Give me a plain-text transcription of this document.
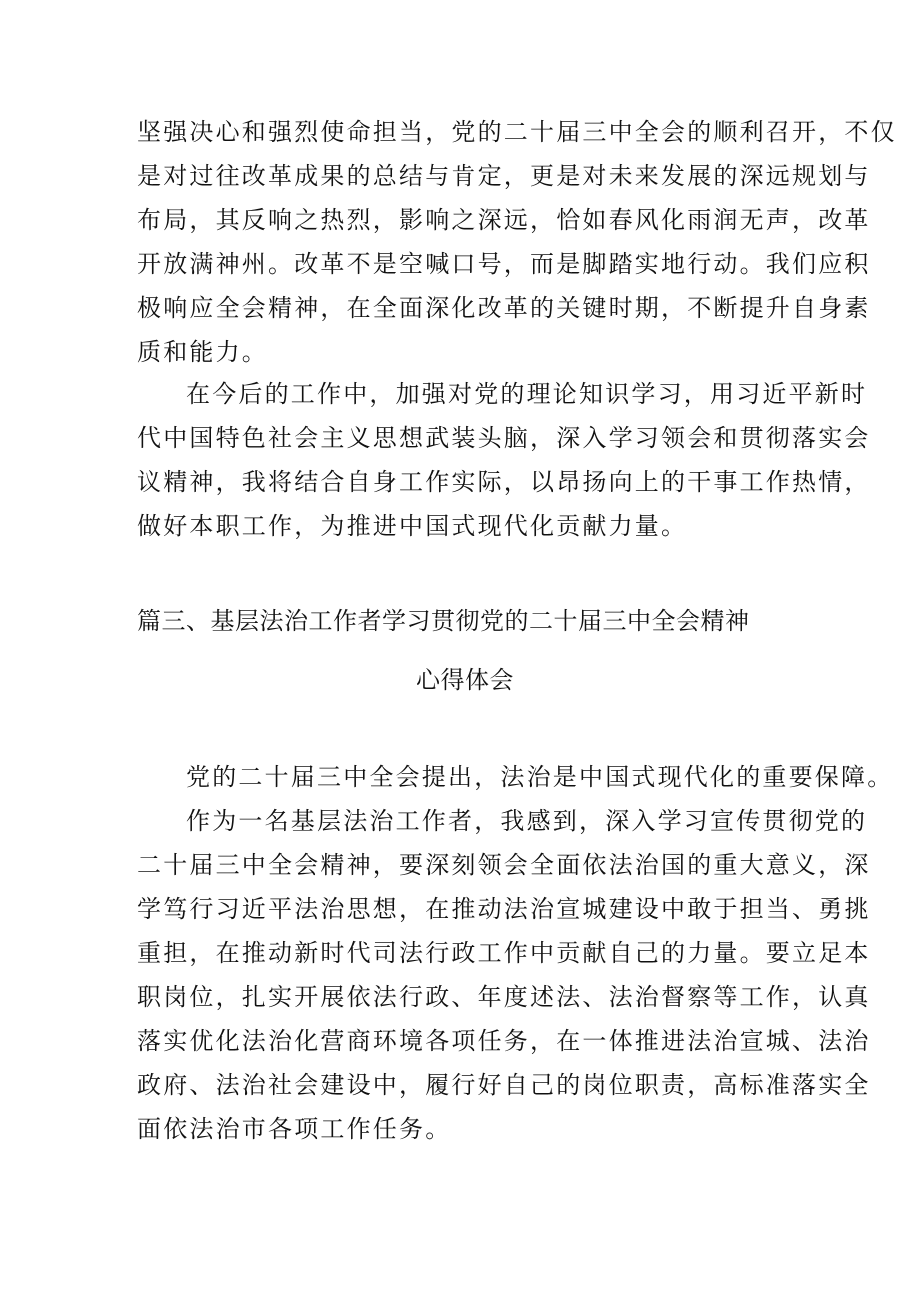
坚强决心和强烈使命担当，党的二十届三中全会的顺利召开，不仅
是对过往改革成果的总结与肯定，更是对未来发展的深远规划与
布局，其反响之热烈，影响之深远，恰如春风化雨润无声，改革
开放满神州。改革不是空喊口号，而是脚踏实地行动。我们应积
极响应全会精神，在全面深化改革的关键时期，不断提升自身素
质和能力。
在今后的工作中，加强对党的理论知识学习，用习近平新时
代中国特色社会主义思想武装头脑，深入学习领会和贯彻落实会
议精神，我将结合自身工作实际，以昂扬向上的干事工作热情，
做好本职工作，为推进中国式现代化贡献力量。
篇三、基层法治工作者学习贯彻党的二十届三中全会精神
心得体会
党的二十届三中全会提出，法治是中国式现代化的重要保障。
作为一名基层法治工作者，我感到，深入学习宣传贯彻党的
二十届三中全会精神，要深刻领会全面依法治国的重大意义，深
学笃行习近平法治思想，在推动法治宣城建设中敢于担当、勇挑
重担，在推动新时代司法行政工作中贡献自己的力量。要立足本
职岗位，扎实开展依法行政、年度述法、法治督察等工作，认真
落实优化法治化营商环境各项任务，在一体推进法治宣城、法治
政府、法治社会建设中，履行好自己的岗位职责，高标准落实全
面依法治市各项工作任务。
